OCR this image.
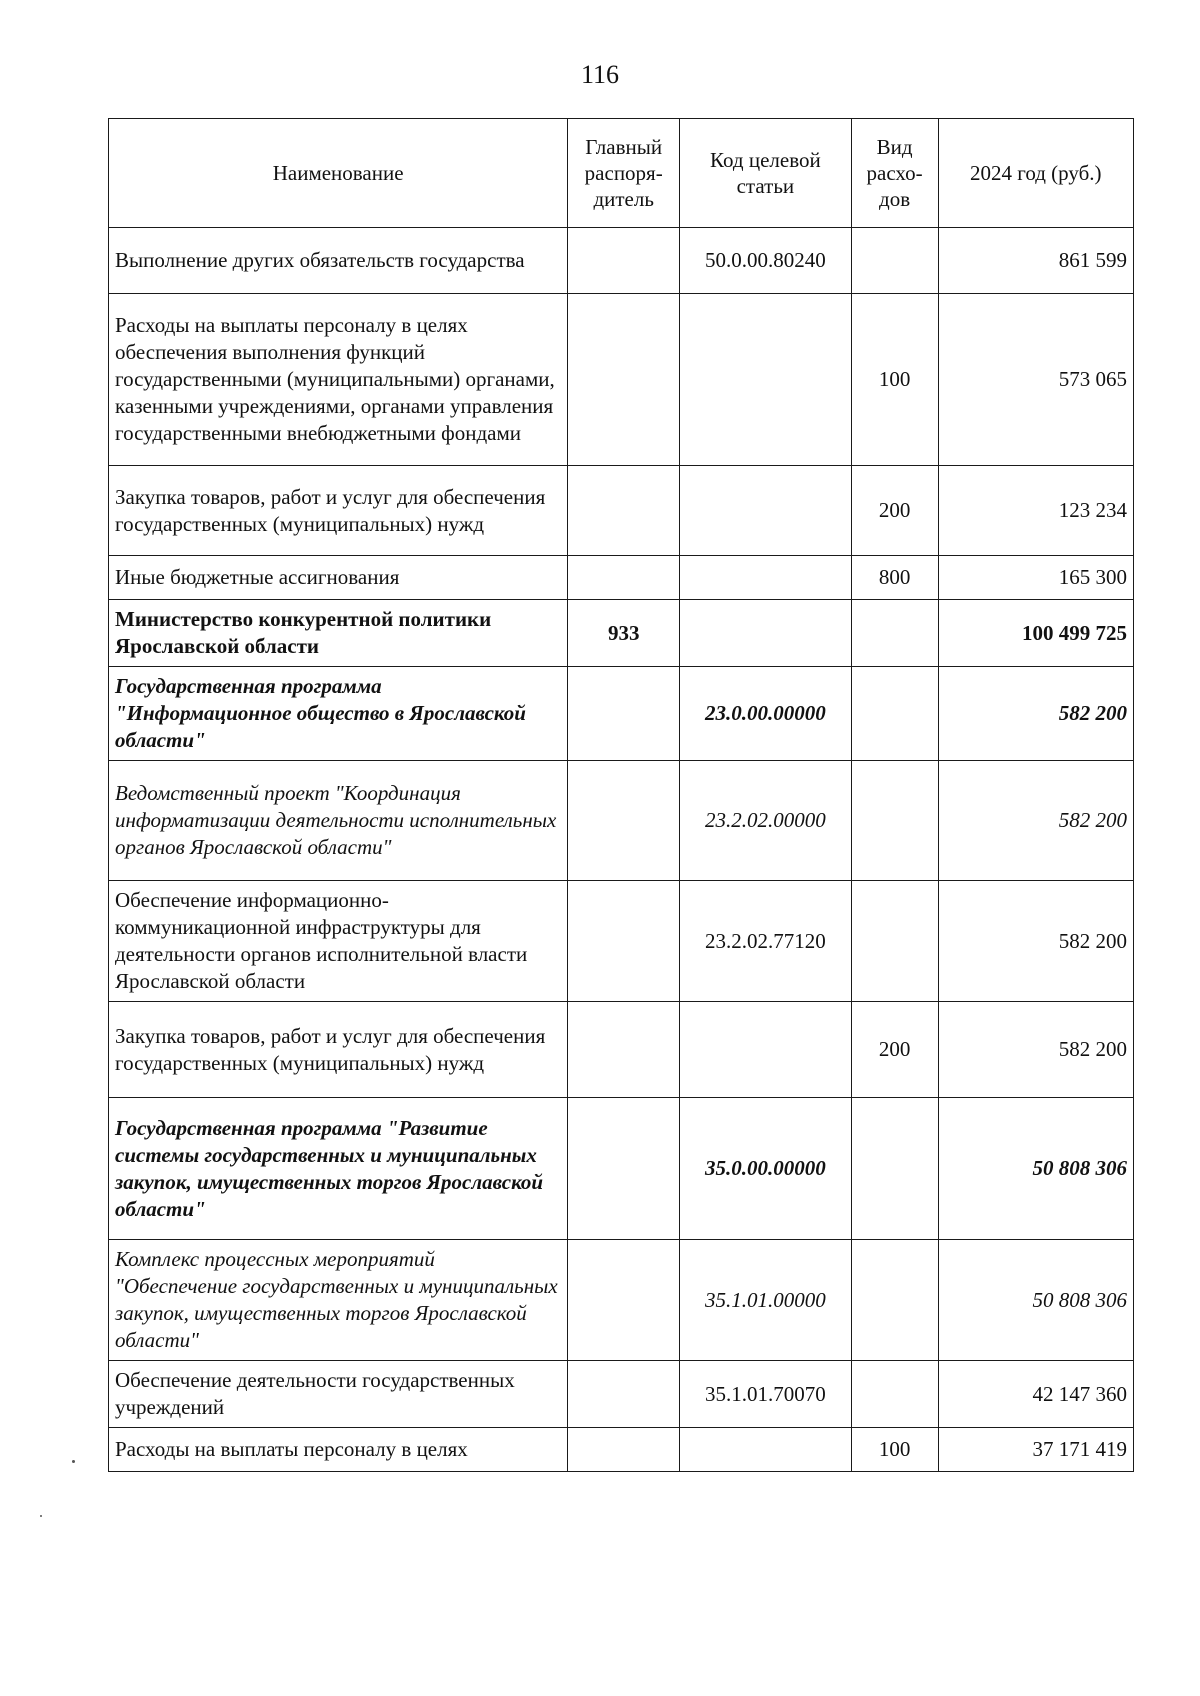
116
Наименование	Главный распоря-дитель	Код целевой статьи	Вид расхо-дов	2024 год (руб.)
Выполнение других обязательств государства		50.0.00.80240		861 599
Расходы на выплаты персоналу в целях обеспечения выполнения функций государственными (муниципальными) органами, казенными учреждениями, органами управления государственными внебюджетными фондами			100	573 065
Закупка товаров, работ и услуг для обеспечения государственных (муниципальных) нужд			200	123 234
Иные бюджетные ассигнования			800	165 300
Министерство конкурентной политики Ярославской области	933			100 499 725
Государственная программа "Информационное общество в Ярославской области"		23.0.00.00000		582 200
Ведомственный проект "Координация информатизации деятельности исполнительных органов Ярославской области"		23.2.02.00000		582 200
Обеспечение информационно-коммуникационной инфраструктуры для деятельности органов исполнительной власти Ярославской области		23.2.02.77120		582 200
Закупка товаров, работ и услуг для обеспечения государственных (муниципальных) нужд			200	582 200
Государственная программа "Развитие системы государственных и муниципальных закупок, имущественных торгов Ярославской области"		35.0.00.00000		50 808 306
Комплекс процессных мероприятий "Обеспечение государственных и муниципальных закупок, имущественных торгов Ярославской области"		35.1.01.00000		50 808 306
Обеспечение деятельности государственных учреждений		35.1.01.70070		42 147 360
Расходы на выплаты персоналу в целях			100	37 171 419
